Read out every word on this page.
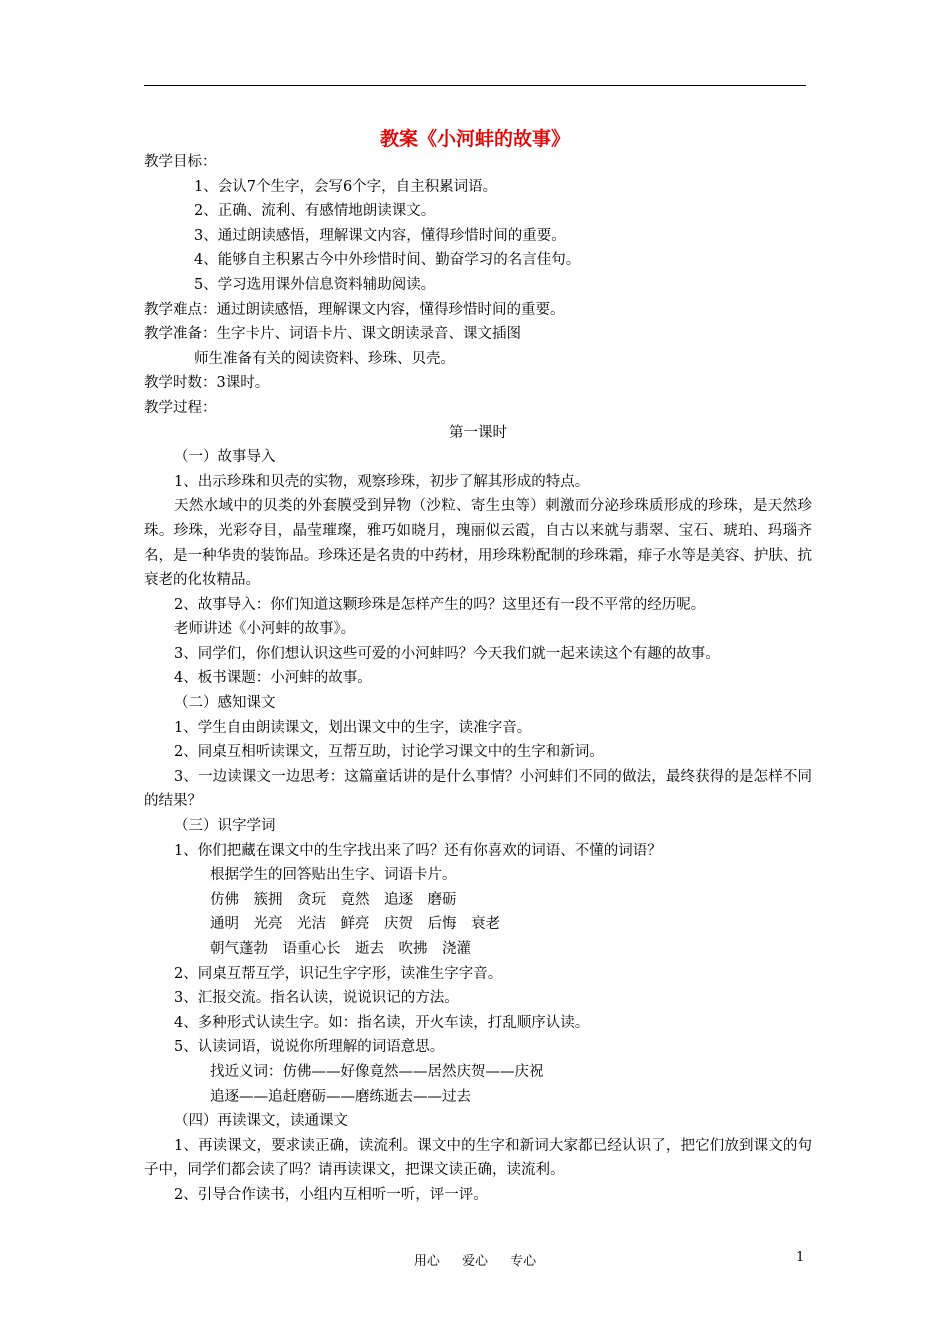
教案《小河蚌的故事》

教学目标：

1、会认7个生字，会写6个字，自主积累词语。

2、正确、流利、有感情地朗读课文。

3、通过朗读感悟，理解课文内容，懂得珍惜时间的重要。

4、能够自主积累古今中外珍惜时间、勤奋学习的名言佳句。

5、学习选用课外信息资料辅助阅读。

教学难点：通过朗读感悟，理解课文内容，懂得珍惜时间的重要。

教学准备：生字卡片、词语卡片、课文朗读录音、课文插图

师生准备有关的阅读资料、珍珠、贝壳。

教学时数：3课时。

教学过程：

第一课时

（一）故事导入

1、出示珍珠和贝壳的实物，观察珍珠，初步了解其形成的特点。

天然水域中的贝类的外套膜受到异物（沙粒、寄生虫等）刺激而分泌珍珠质形成的珍珠，是天然珍珠。珍珠，光彩夺目，晶莹璀璨，雅巧如晓月，瑰丽似云霞，自古以来就与翡翠、宝石、琥珀、玛瑙齐名，是一种华贵的装饰品。珍珠还是名贵的中药材，用珍珠粉配制的珍珠霜，痱子水等是美容、护肤、抗衰老的化妆精品。

2、故事导入：你们知道这颗珍珠是怎样产生的吗？这里还有一段不平常的经历呢。

老师讲述《小河蚌的故事》。

3、同学们，你们想认识这些可爱的小河蚌吗？今天我们就一起来读这个有趣的故事。

4、板书课题：小河蚌的故事。

（二）感知课文

1、学生自由朗读课文，划出课文中的生字，读准字音。

2、同桌互相听读课文，互帮互助，讨论学习课文中的生字和新词。

3、一边读课文一边思考：这篇童话讲的是什么事情？小河蚌们不同的做法，最终获得的是怎样不同的结果？

（三）识字学词

1、你们把藏在课文中的生字找出来了吗？还有你喜欢的词语、不懂的词语？

根据学生的回答贴出生字、词语卡片。

仿佛　簇拥　贪玩　竟然　追逐　磨砺

通明　光亮　光洁　鲜亮　庆贺　后悔　衰老

朝气蓬勃　语重心长　逝去　吹拂　浇灌

2、同桌互帮互学，识记生字字形，读准生字字音。

3、汇报交流。指名认读，说说识记的方法。

4、多种形式认读生字。如：指名读，开火车读，打乱顺序认读。

5、认读词语，说说你所理解的词语意思。

找近义词：仿佛——好像竟然——居然庆贺——庆祝

追逐——追赶磨砺——磨练逝去——过去

（四）再读课文，读通课文

1、再读课文，要求读正确，读流利。课文中的生字和新词大家都已经认识了，把它们放到课文的句子中，同学们都会读了吗？请再读课文，把课文读正确，读流利。

2、引导合作读书，小组内互相听一听，评一评。

用心 爱心 专心	1
